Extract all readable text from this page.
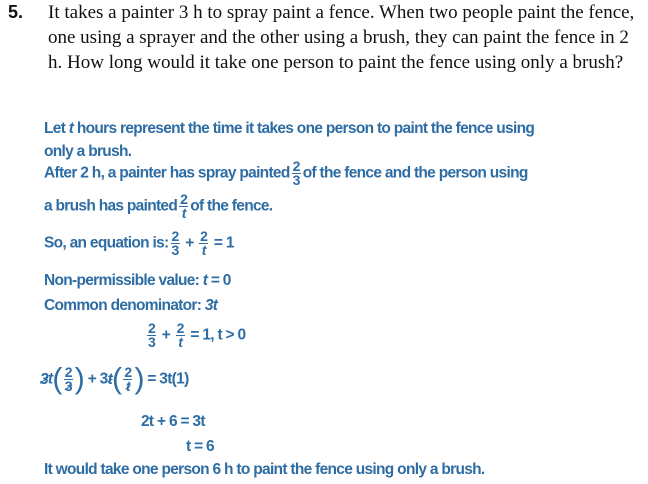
5. It takes a painter 3 h to spray paint a fence. When two people paint the fence, one using a sprayer and the other using a brush, they can paint the fence in 2 h. How long would it take one person to paint the fence using only a brush?
Let t hours represent the time it takes one person to paint the fence using
only a brush.
After 2 h, a painter has spray painted $\frac{2}{3}$ of the fence and the person using
a brush has painted $\frac{2}{t}$ of the fence.
So, an equation is: $\frac{2}{3} + \frac{2}{t} = 1$
Non-permissible value: t = 0
Common denominator: 3t
$\frac{2}{3} + \frac{2}{t} = 1$, t > 0
$3t( \frac{2}{3}$ ) + $3t( \frac{2}{t}$ ) = 3t(1)
2t + 6 = 3t
t = 6
It would take one person 6 h to paint the fence using only a brush.
